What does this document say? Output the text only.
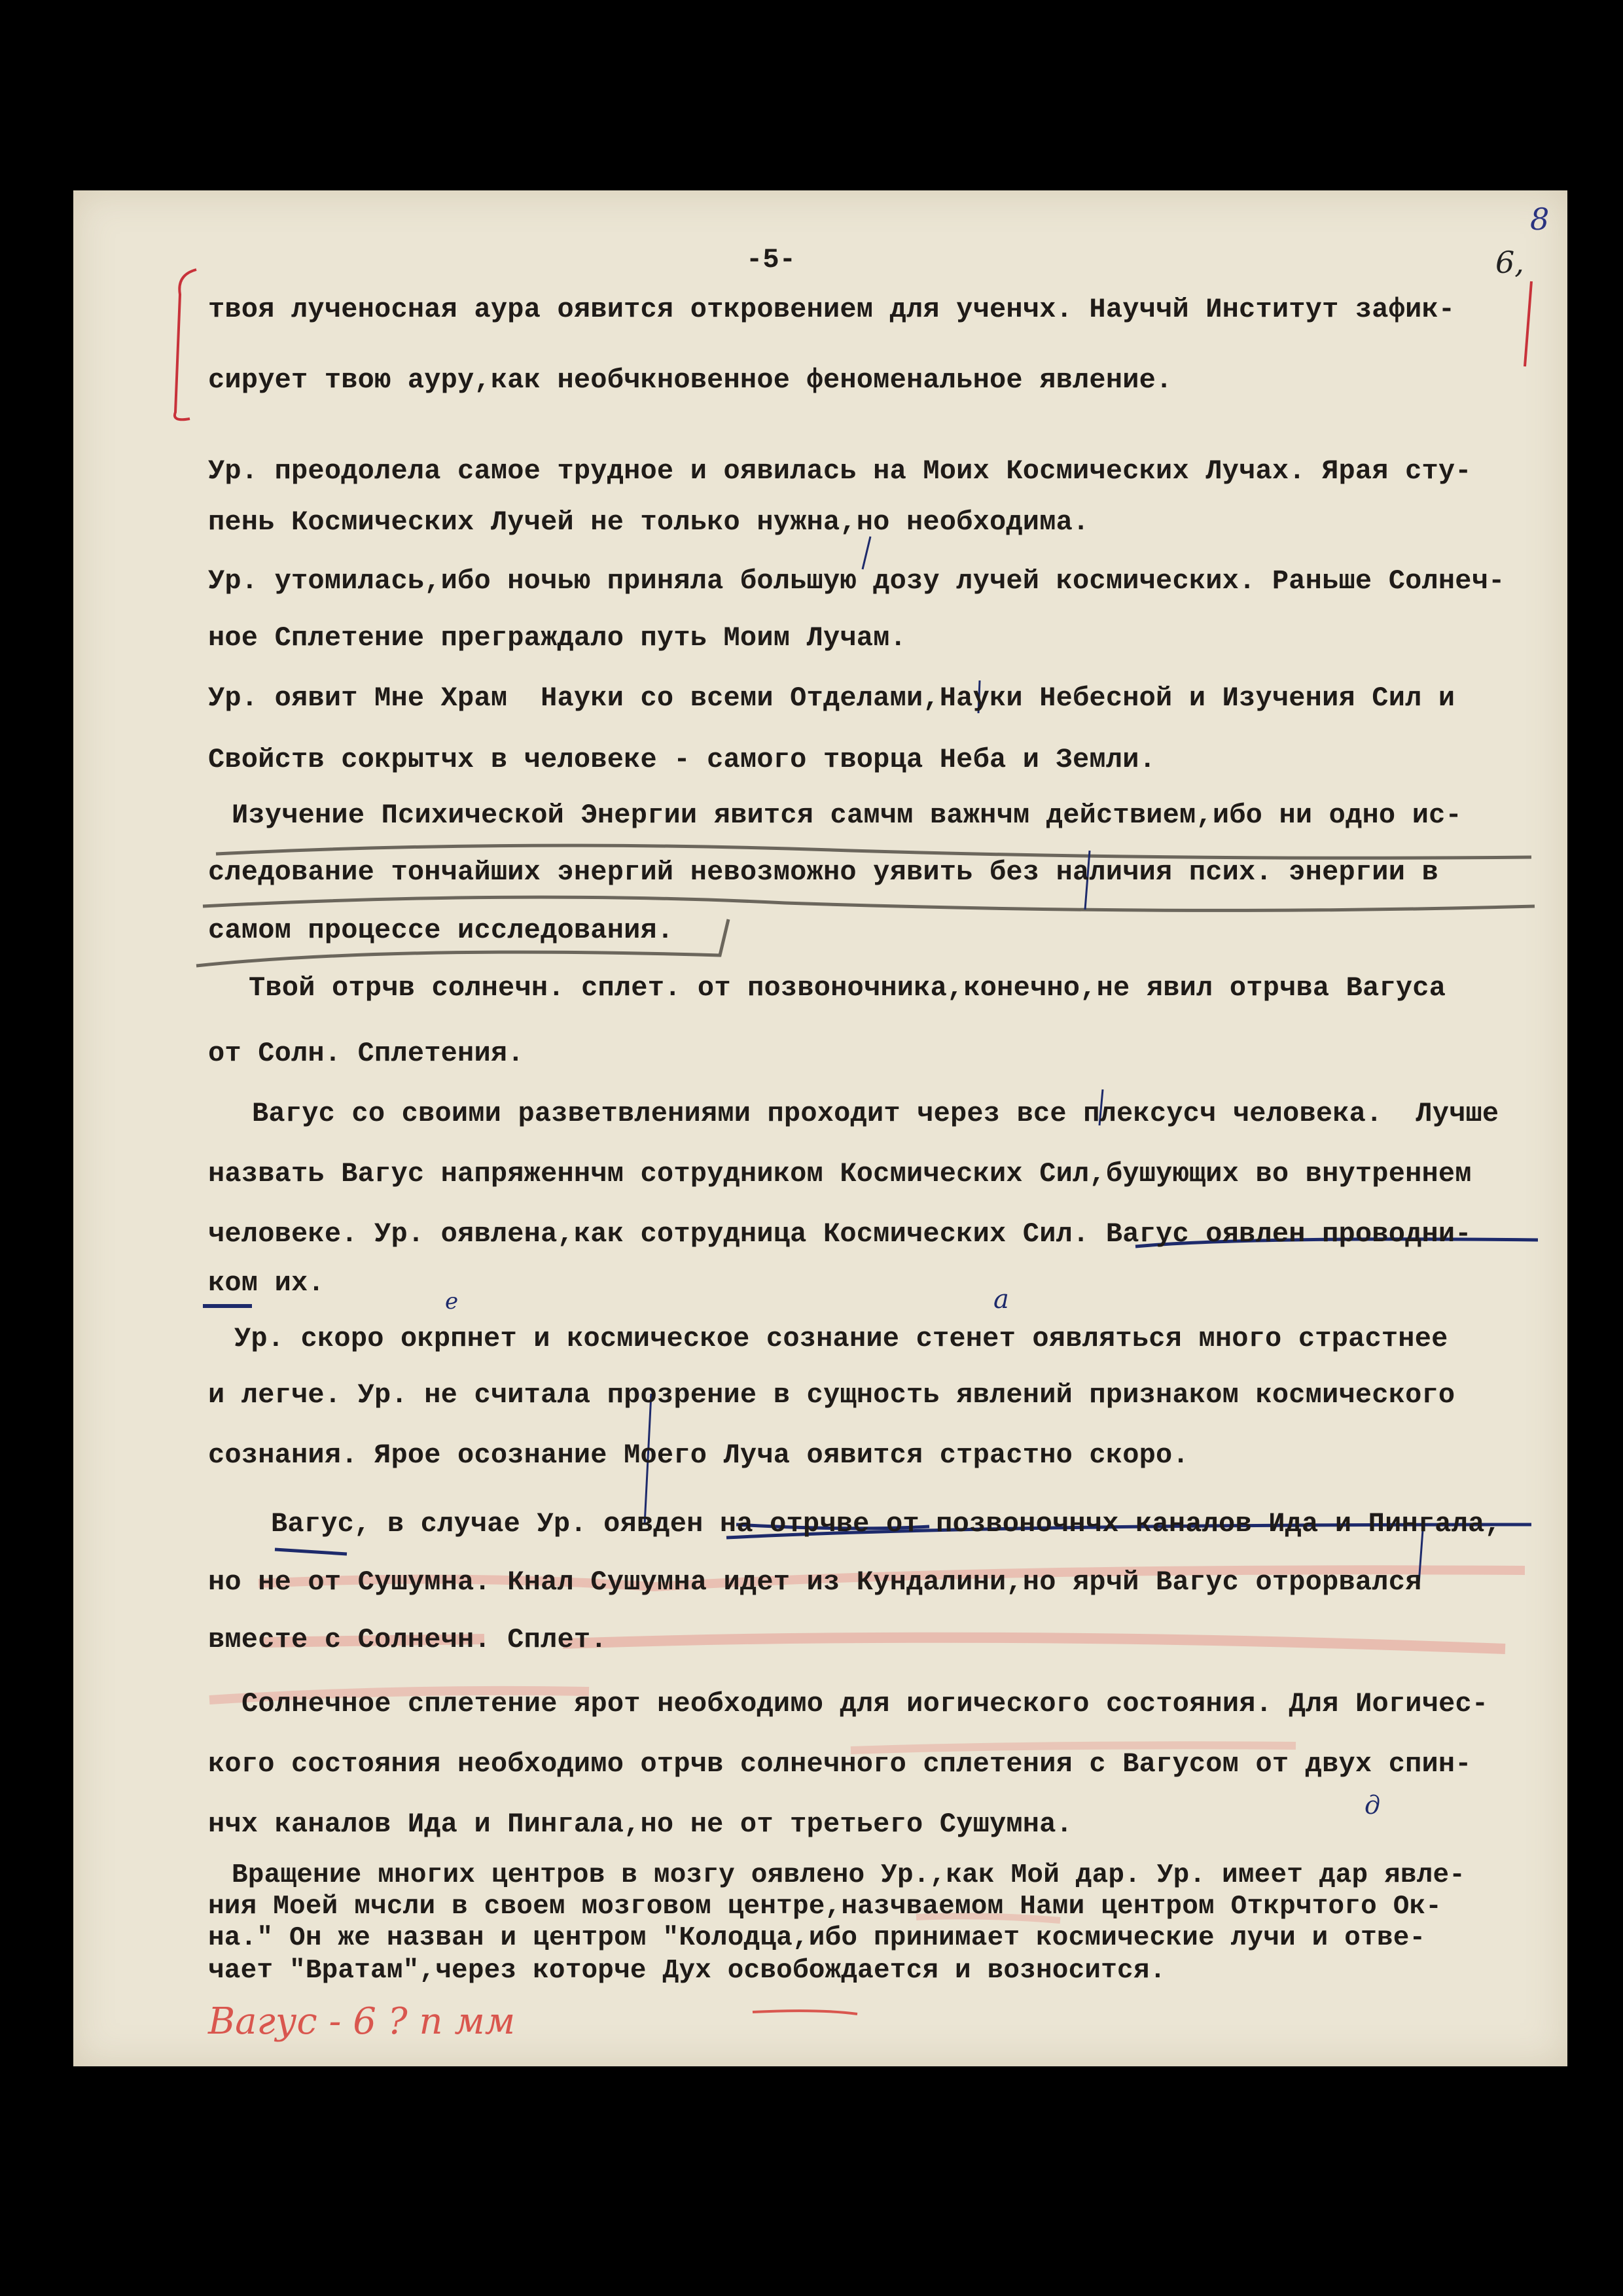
8
6,
-5-
е	а
д
твоя лученосная аура оявится откровением для ученчх. Науччй Институт зафик-
сирует твою ауру,как необчкновенное феноменальное явление.
Ур. преодолела самое трудное и оявилась на Моих Космических Лучах. Ярая сту-
пень Космических Лучей не только нужна,но необходима.
Ур. утомилась,ибо ночью приняла большую дозу лучей космических. Раньше Солнеч-
ное Сплетение преграждало путь Моим Лучам.
Ур. оявит Мне Храм  Науки со всеми Отделами,Науки Небесной и Изучения Сил и
Свойств сокрытчх в человеке - самого творца Неба и Земли.
Изучение Психической Энергии явится самчм важнчм действием,ибо ни одно ис-
следование тончайших энергий невозможно уявить без наличия псих. энергии в
самом процессе исследования.
Твой отрчв солнечн. сплет. от позвоночника,конечно,не явил отрчва Вагуса
от Солн. Сплетения.
Вагус со своими разветвлениями проходит через все плексусч человека.  Лучше
назвать Вагус напряженнчм сотрудником Космических Сил,бушующих во внутреннем
человеке. Ур. оявлена,как сотрудница Космических Сил. Вагус оявлен проводни-
ком их.
Ур. скоро окрпнет и космическое сознание стенет оявляться много страстнее
и легче. Ур. не считала прозрение в сущность явлений признаком космического
сознания. Ярое осознание Моего Луча оявится страстно скоро.
Вагус, в случае Ур. оявден на отрчве от позвоночнчх каналов Ида и Пингала,
но не от Сушумна. Кнал Сушумна идет из Кундалини,но ярчй Вагус отрорвался
вместе с Солнечн. Сплет.
Солнечное сплетение ярот необходимо для иогического состояния. Для Иогичес-
кого состояния необходимо отрчв солнечного сплетения с Вагусом от двух спин-
нчх каналов Ида и Пингала,но не от третьего Сушумна.
Вращение многих центров в мозгу оявлено Ур.,как Мой дар. Ур. имеет дар явле-
ния Моей мчсли в своем мозговом центре,назчваемом Нами центром Открчтого Ок-
на." Он же назван и центром "Колодца,ибо принимает космические лучи и отве-
чает "Вратам",через которче Дух освобождается и возносится.
Вагус - 6 ? п мм
